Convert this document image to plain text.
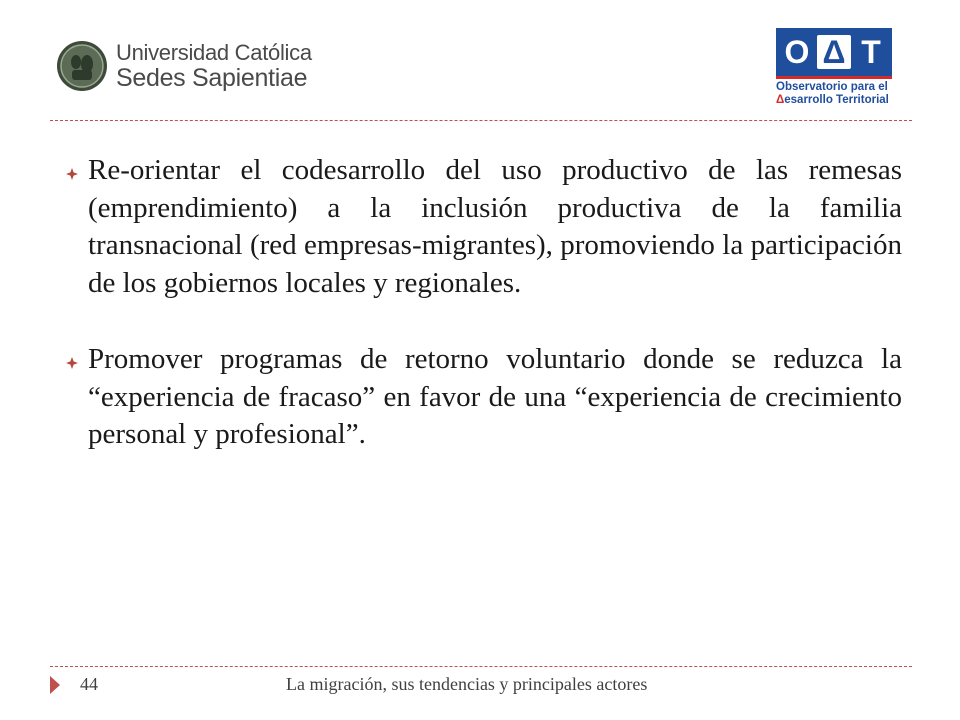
Universidad Católica
Sedes Sapientiae
O Δ T
Observatorio para el
Δesarrollo Territorial
Re-orientar el codesarrollo del uso productivo de las remesas (emprendimiento) a la inclusión productiva de la familia transnacional (red empresas-migrantes), promoviendo la participación de los gobiernos locales y regionales.
Promover programas de retorno voluntario donde se reduzca la “experiencia de fracaso” en favor de una “experiencia de crecimiento personal y profesional”.
44	La migración, sus tendencias y principales actores
